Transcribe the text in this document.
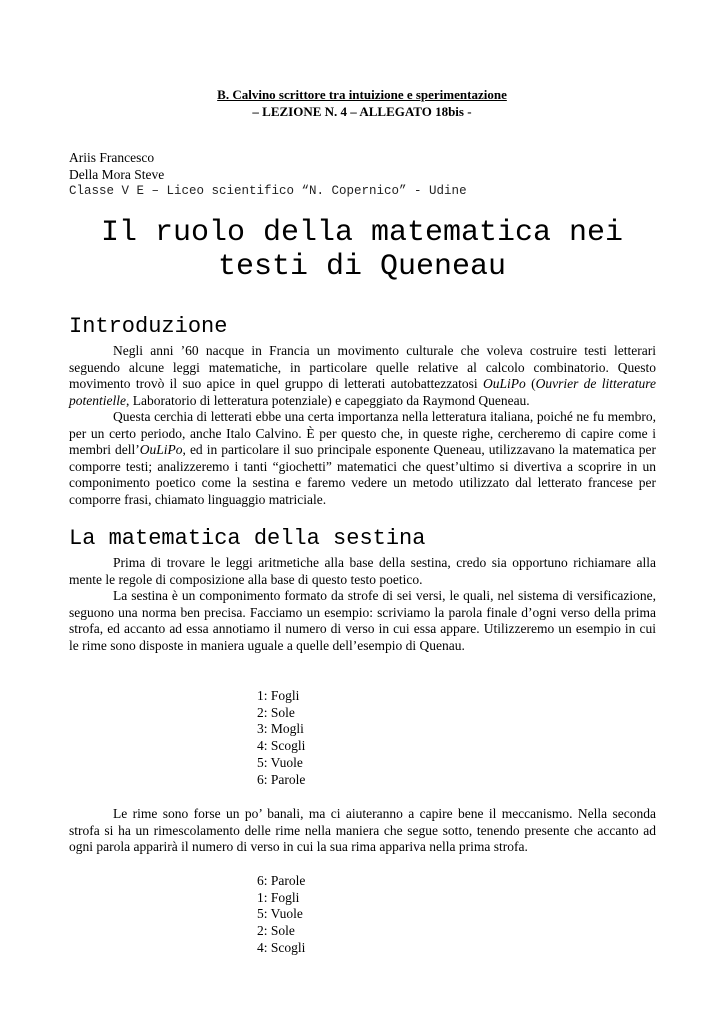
B. Calvino scrittore tra intuizione e sperimentazione
– LEZIONE N. 4 – ALLEGATO 18bis -
Ariis Francesco
Della Mora Steve
Classe V E – Liceo scientifico “N. Copernico” - Udine
Il ruolo della matematica nei
testi di Queneau
Introduzione

Negli anni ’60 nacque in Francia un movimento culturale che voleva costruire testi letterari seguendo alcune leggi matematiche, in particolare quelle relative al calcolo combinatorio. Questo movimento trovò il suo apice in quel gruppo di letterati autobattezzatosi OuLiPo (Ouvrier de litterature potentielle, Laboratorio di letteratura potenziale) e capeggiato da Raymond Queneau.

Questa cerchia di letterati ebbe una certa importanza nella letteratura italiana, poiché ne fu membro, per un certo periodo, anche Italo Calvino. È per questo che, in queste righe, cercheremo di capire come i membri dell’OuLiPo, ed in particolare il suo principale esponente Queneau, utilizzavano la matematica per comporre testi; analizzeremo i tanti “giochetti” matematici che quest’ultimo si divertiva a scoprire in un componimento poetico come la sestina e faremo vedere un metodo utilizzato dal letterato francese per comporre frasi, chiamato linguaggio matriciale.

La matematica della sestina

Prima di trovare le leggi aritmetiche alla base della sestina, credo sia opportuno richiamare alla mente le regole di composizione alla base di questo testo poetico.

La sestina è un componimento formato da strofe di sei versi, le quali, nel sistema di versificazione, seguono una norma ben precisa. Facciamo un esempio: scriviamo la parola finale d’ogni verso della prima strofa, ed accanto ad essa annotiamo il numero di verso in cui essa appare. Utilizzeremo un esempio in cui le rime sono disposte in maniera uguale a quelle dell’esempio di Quenau.

1: Fogli
2: Sole
3: Mogli
4: Scogli
5: Vuole
6: Parole

Le rime sono forse un po’ banali, ma ci aiuteranno a capire bene il meccanismo. Nella seconda strofa si ha un rimescolamento delle rime nella maniera che segue sotto, tenendo presente che accanto ad ogni parola apparirà il numero di verso in cui la sua rima appariva nella prima strofa.

6: Parole
1: Fogli
5: Vuole
2: Sole
4: Scogli
